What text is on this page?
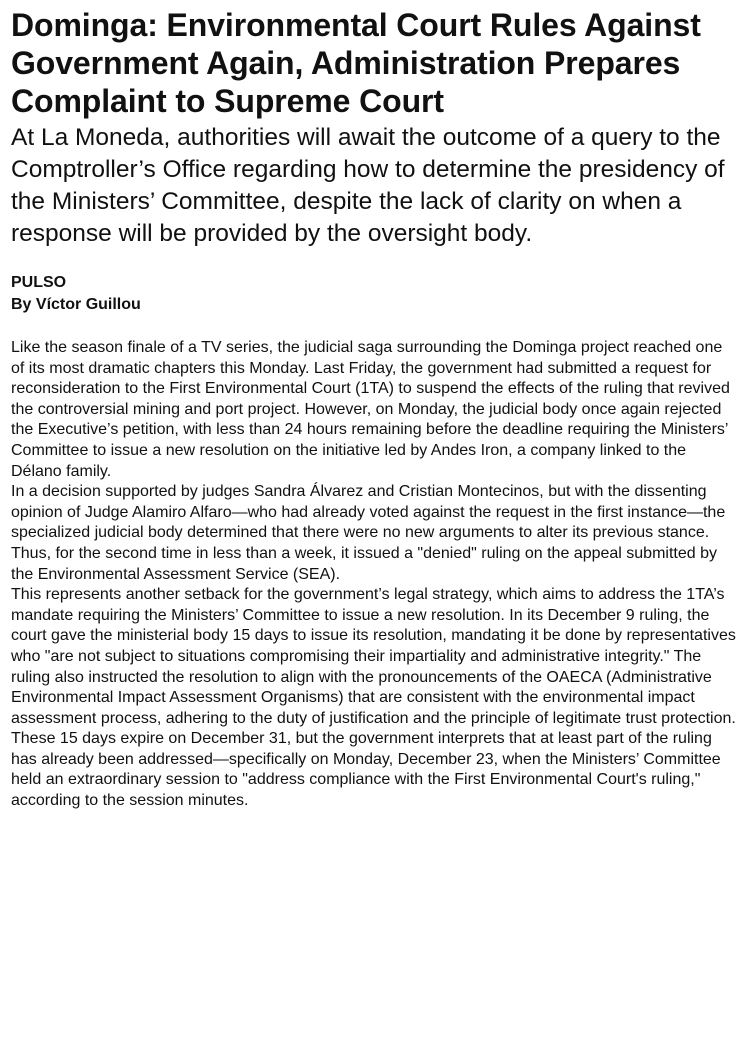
Dominga: Environmental Court Rules Against Government Again, Administration Prepares Complaint to Supreme Court
At La Moneda, authorities will await the outcome of a query to the Comptroller’s Office regarding how to determine the presidency of the Ministers’ Committee, despite the lack of clarity on when a response will be provided by the oversight body.
PULSO
By Víctor Guillou

Like the season finale of a TV series, the judicial saga surrounding the Dominga project reached one of its most dramatic chapters this Monday. Last Friday, the government had submitted a request for reconsideration to the First Environmental Court (1TA) to suspend the effects of the ruling that revived the controversial mining and port project. However, on Monday, the judicial body once again rejected the Executive’s petition, with less than 24 hours remaining before the deadline requiring the Ministers’ Committee to issue a new resolution on the initiative led by Andes Iron, a company linked to the Délano family.

In a decision supported by judges Sandra Álvarez and Cristian Montecinos, but with the dissenting opinion of Judge Alamiro Alfaro—who had already voted against the request in the first instance—the specialized judicial body determined that there were no new arguments to alter its previous stance. Thus, for the second time in less than a week, it issued a "denied" ruling on the appeal submitted by the Environmental Assessment Service (SEA).

This represents another setback for the government’s legal strategy, which aims to address the 1TA’s mandate requiring the Ministers’ Committee to issue a new resolution. In its December 9 ruling, the court gave the ministerial body 15 days to issue its resolution, mandating it be done by representatives who "are not subject to situations compromising their impartiality and administrative integrity." The ruling also instructed the resolution to align with the pronouncements of the OAECA (Administrative Environmental Impact Assessment Organisms) that are consistent with the environmental impact assessment process, adhering to the duty of justification and the principle of legitimate trust protection.

These 15 days expire on December 31, but the government interprets that at least part of the ruling has already been addressed—specifically on Monday, December 23, when the Ministers’ Committee held an extraordinary session to "address compliance with the First Environmental Court's ruling," according to the session minutes.
